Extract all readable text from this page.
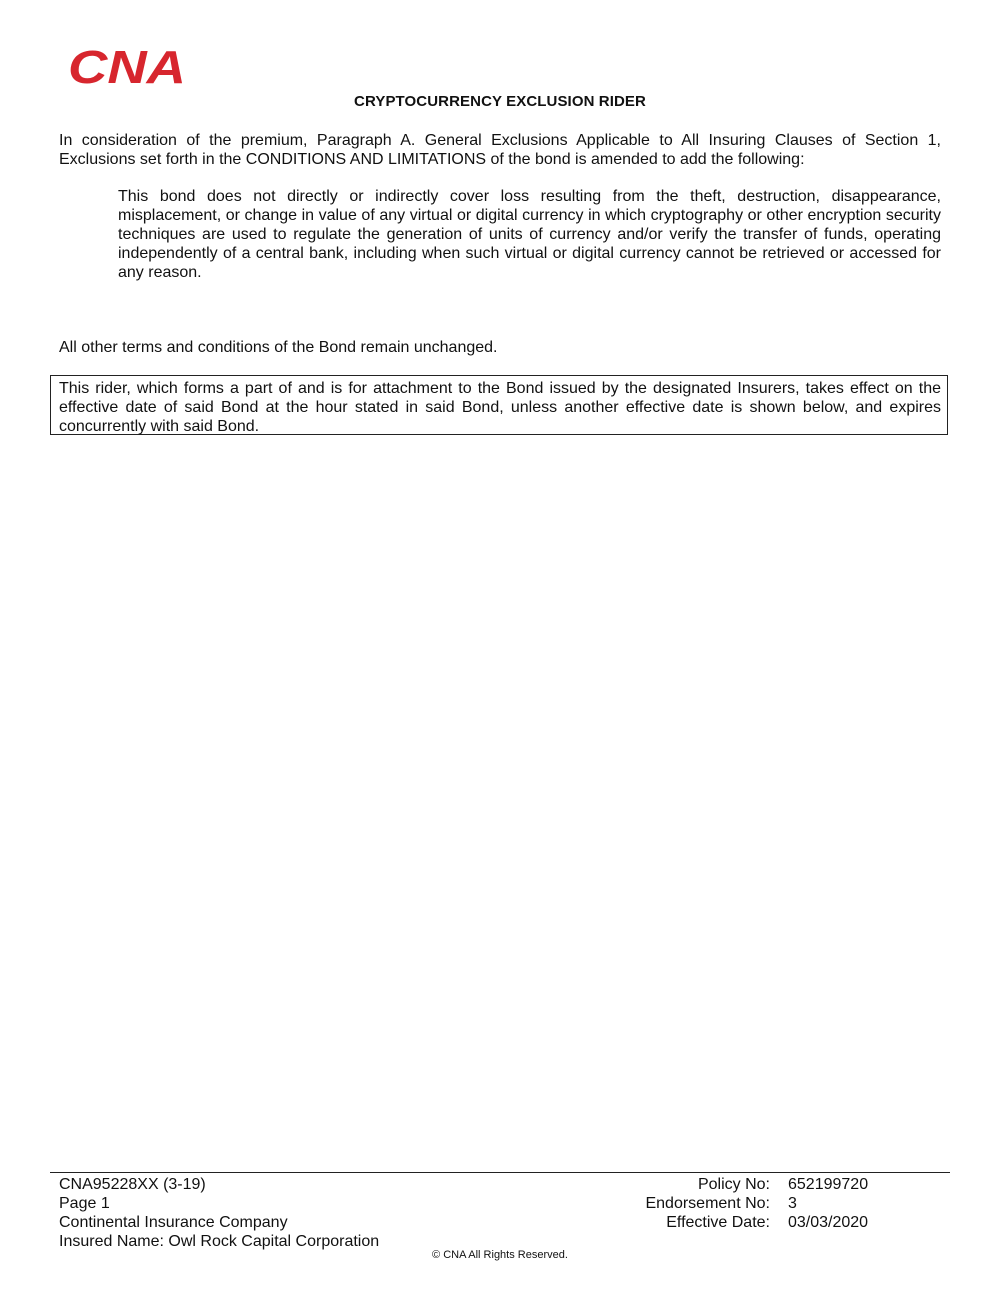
CNA
CRYPTOCURRENCY EXCLUSION RIDER

In consideration of the premium, Paragraph A. General Exclusions Applicable to All Insuring Clauses of Section 1, Exclusions set forth in the CONDITIONS AND LIMITATIONS of the bond is amended to add the following:

This bond does not directly or indirectly cover loss resulting from the theft, destruction, disappearance, misplacement, or change in value of any virtual or digital currency in which cryptography or other encryption security techniques are used to regulate the generation of units of currency and/or verify the transfer of funds, operating independently of a central bank, including when such virtual or digital currency cannot be retrieved or accessed for any reason.

All other terms and conditions of the Bond remain unchanged.

This rider, which forms a part of and is for attachment to the Bond issued by the designated Insurers, takes effect on the effective date of said Bond at the hour stated in said Bond, unless another effective date is shown below, and expires concurrently with said Bond.

CNA95228XX (3-19)
Page 1
Continental Insurance Company
Insured Name: Owl Rock Capital Corporation
Policy No:
Endorsement No:
Effective Date:
652199720
3
03/03/2020
© CNA All Rights Reserved.
